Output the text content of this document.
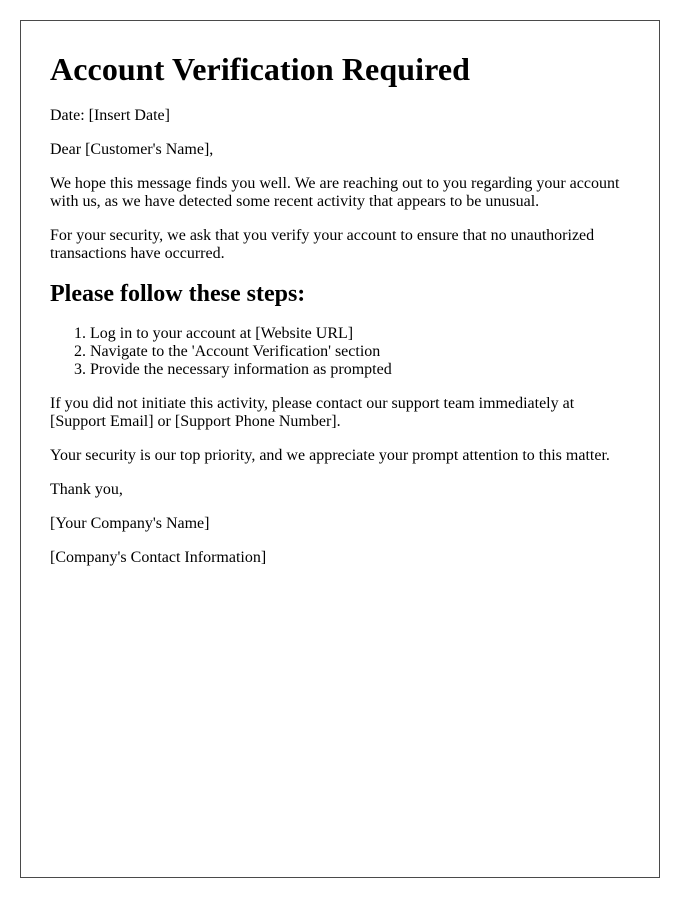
Account Verification Required

Date: [Insert Date]

Dear [Customer's Name],

We hope this message finds you well. We are reaching out to you regarding your account with us, as we have detected some recent activity that appears to be unusual.

For your security, we ask that you verify your account to ensure that no unauthorized transactions have occurred.

Please follow these steps:
1. Log in to your account at [Website URL]
2. Navigate to the 'Account Verification' section
3. Provide the necessary information as prompted

If you did not initiate this activity, please contact our support team immediately at [Support Email] or [Support Phone Number].

Your security is our top priority, and we appreciate your prompt attention to this matter.

Thank you,

[Your Company's Name]

[Company's Contact Information]
